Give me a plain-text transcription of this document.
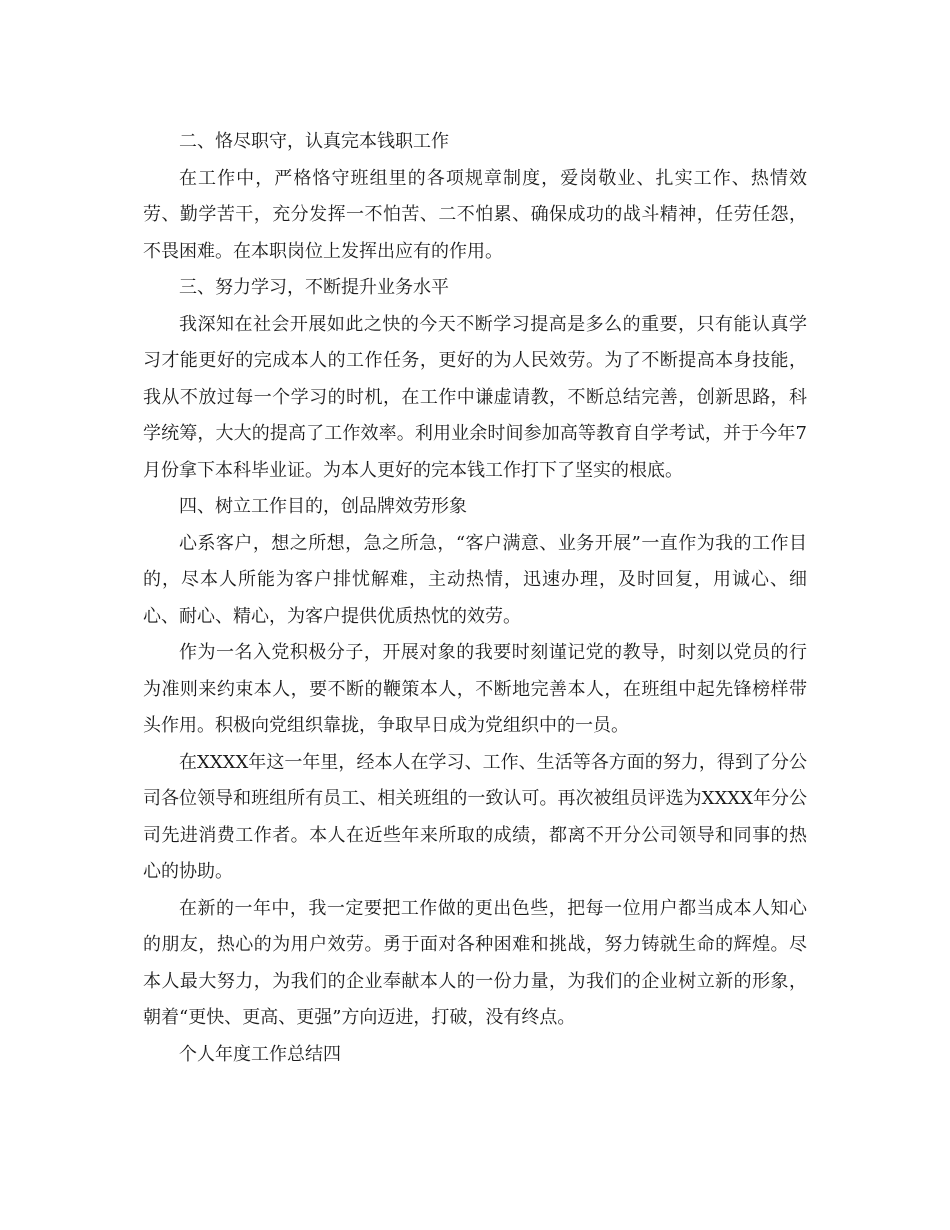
二、恪尽职守，认真完本钱职工作

在工作中，严格恪守班组里的各项规章制度，爱岗敬业、扎实工作、热情效劳、勤学苦干，充分发挥一不怕苦、二不怕累、确保成功的战斗精神，任劳任怨，不畏困难。在本职岗位上发挥出应有的作用。

三、努力学习，不断提升业务水平

我深知在社会开展如此之快的今天不断学习提高是多么的重要，只有能认真学习才能更好的完成本人的工作任务，更好的为人民效劳。为了不断提高本身技能，我从不放过每一个学习的时机，在工作中谦虚请教，不断总结完善，创新思路，科学统筹，大大的提高了工作效率。利用业余时间参加高等教育自学考试，并于今年7月份拿下本科毕业证。为本人更好的完本钱工作打下了坚实的根底。

四、树立工作目的，创品牌效劳形象

心系客户，想之所想，急之所急，“客户满意、业务开展”一直作为我的工作目的，尽本人所能为客户排忧解难，主动热情，迅速办理，及时回复，用诚心、细心、耐心、精心，为客户提供优质热忱的效劳。

作为一名入党积极分子，开展对象的我要时刻谨记党的教导，时刻以党员的行为准则来约束本人，要不断的鞭策本人，不断地完善本人，在班组中起先锋榜样带头作用。积极向党组织靠拢，争取早日成为党组织中的一员。

在XXXX年这一年里，经本人在学习、工作、生活等各方面的努力，得到了分公司各位领导和班组所有员工、相关班组的一致认可。再次被组员评选为XXXX年分公司先进消费工作者。本人在近些年来所取的成绩，都离不开分公司领导和同事的热心的协助。

在新的一年中，我一定要把工作做的更出色些，把每一位用户都当成本人知心的朋友，热心的为用户效劳。勇于面对各种困难和挑战，努力铸就生命的辉煌。尽本人最大努力，为我们的企业奉献本人的一份力量，为我们的企业树立新的形象，朝着“更快、更高、更强”方向迈进，打破，没有终点。

个人年度工作总结四
